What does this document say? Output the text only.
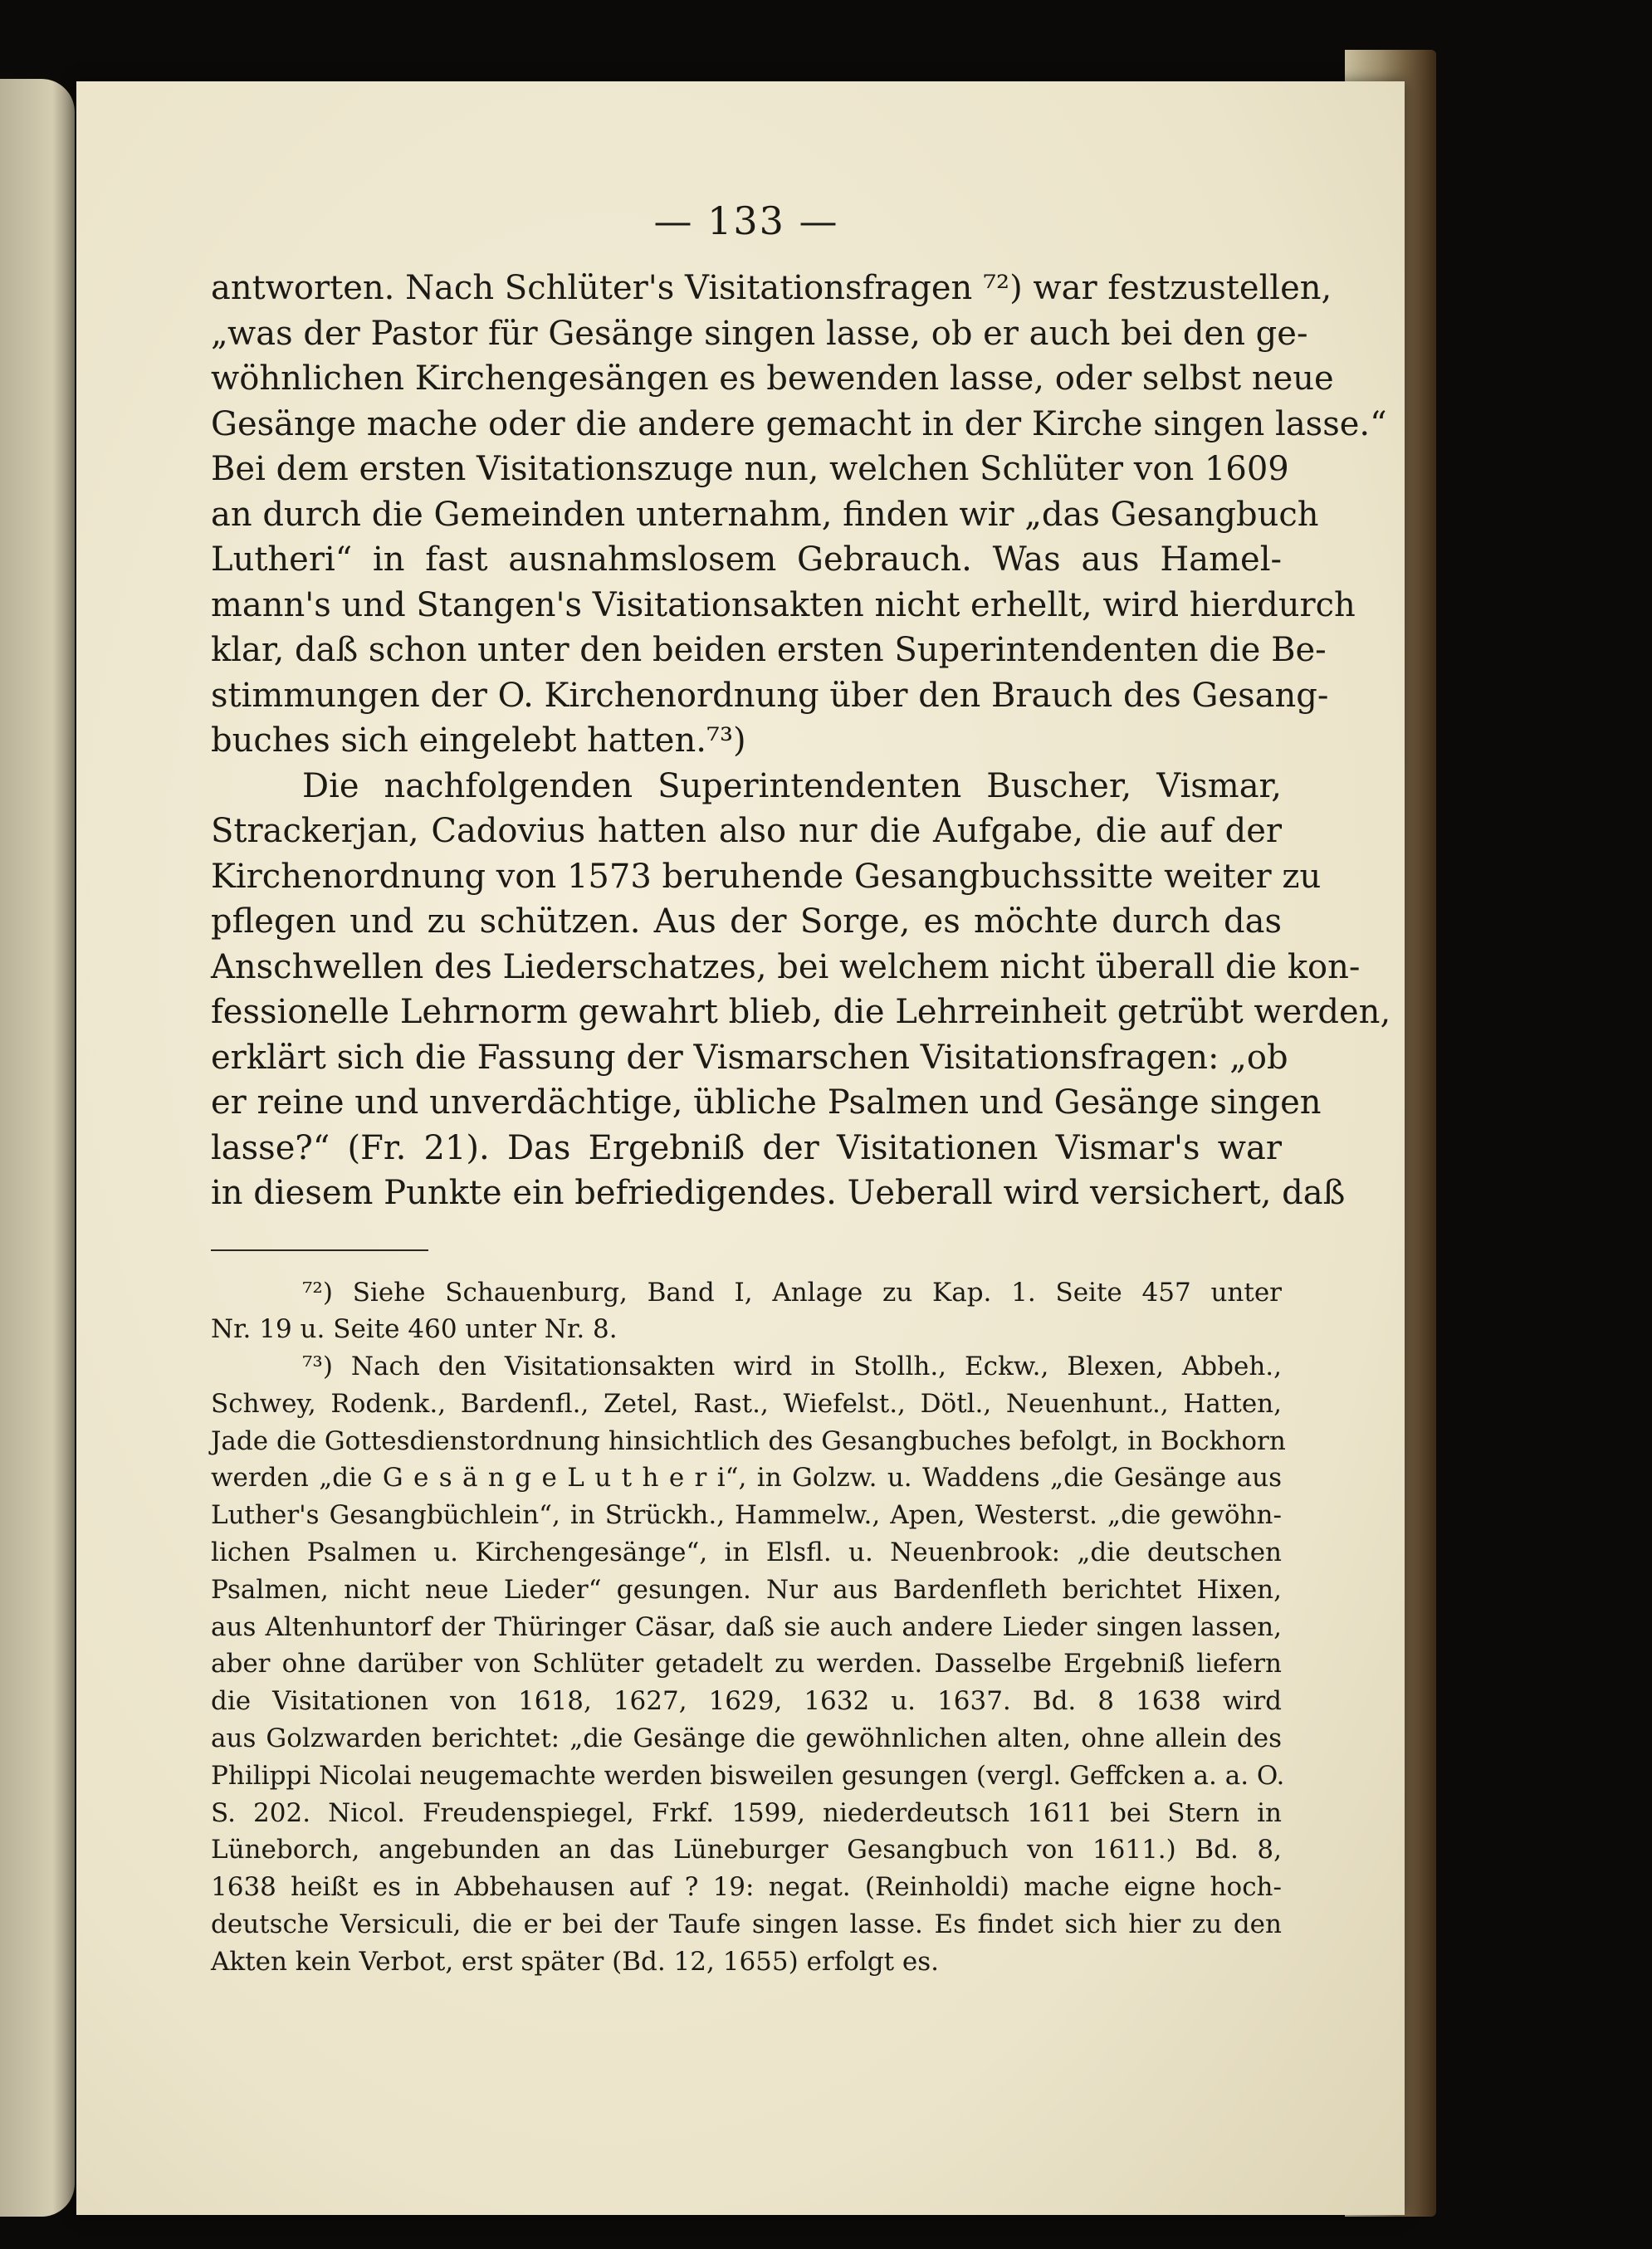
— 133 —
antworten. Nach Schlüter's Visitationsfragen ⁷²) war festzustellen,
„was der Pastor für Gesänge singen lasse, ob er auch bei den ge-
wöhnlichen Kirchengesängen es bewenden lasse, oder selbst neue
Gesänge mache oder die andere gemacht in der Kirche singen lasse.“
Bei dem ersten Visitationszuge nun, welchen Schlüter von 1609
an durch die Gemeinden unternahm, finden wir „das Gesangbuch
Lutheri“ in fast ausnahmslosem Gebrauch. Was aus Hamel-
mann's und Stangen's Visitationsakten nicht erhellt, wird hierdurch
klar, daß schon unter den beiden ersten Superintendenten die Be-
stimmungen der O. Kirchenordnung über den Brauch des Gesang-
buches sich eingelebt hatten.⁷³)
Die nachfolgenden Superintendenten Buscher, Vismar,
Strackerjan, Cadovius hatten also nur die Aufgabe, die auf der
Kirchenordnung von 1573 beruhende Gesangbuchssitte weiter zu
pflegen und zu schützen. Aus der Sorge, es möchte durch das
Anschwellen des Liederschatzes, bei welchem nicht überall die kon-
fessionelle Lehrnorm gewahrt blieb, die Lehrreinheit getrübt werden,
erklärt sich die Fassung der Vismarschen Visitationsfragen: „ob
er reine und unverdächtige, übliche Psalmen und Gesänge singen
lasse?“ (Fr. 21). Das Ergebniß der Visitationen Vismar's war
in diesem Punkte ein befriedigendes. Ueberall wird versichert, daß
⁷²) Siehe Schauenburg, Band I, Anlage zu Kap. 1. Seite 457 unter
Nr. 19 u. Seite 460 unter Nr. 8.
⁷³) Nach den Visitationsakten wird in Stollh., Eckw., Blexen, Abbeh.,
Schwey, Rodenk., Bardenfl., Zetel, Rast., Wiefelst., Dötl., Neuenhunt., Hatten,
Jade die Gottesdienstordnung hinsichtlich des Gesangbuches befolgt, in Bockhorn
werden „die G e s ä n g e L u t h e r i“, in Golzw. u. Waddens „die Gesänge aus
Luther's Gesangbüchlein“, in Strückh., Hammelw., Apen, Westerst. „die gewöhn-
lichen Psalmen u. Kirchengesänge“, in Elsfl. u. Neuenbrook: „die deutschen
Psalmen, nicht neue Lieder“ gesungen. Nur aus Bardenfleth berichtet Hixen,
aus Altenhuntorf der Thüringer Cäsar, daß sie auch andere Lieder singen lassen,
aber ohne darüber von Schlüter getadelt zu werden. Dasselbe Ergebniß liefern
die Visitationen von 1618, 1627, 1629, 1632 u. 1637. Bd. 8 1638 wird
aus Golzwarden berichtet: „die Gesänge die gewöhnlichen alten, ohne allein des
Philippi Nicolai neugemachte werden bisweilen gesungen (vergl. Geffcken a. a. O.
S. 202. Nicol. Freudenspiegel, Frkf. 1599, niederdeutsch 1611 bei Stern in
Lüneborch, angebunden an das Lüneburger Gesangbuch von 1611.) Bd. 8,
1638 heißt es in Abbehausen auf ? 19: negat. (Reinholdi) mache eigne hoch-
deutsche Versiculi, die er bei der Taufe singen lasse. Es findet sich hier zu den
Akten kein Verbot, erst später (Bd. 12, 1655) erfolgt es.
